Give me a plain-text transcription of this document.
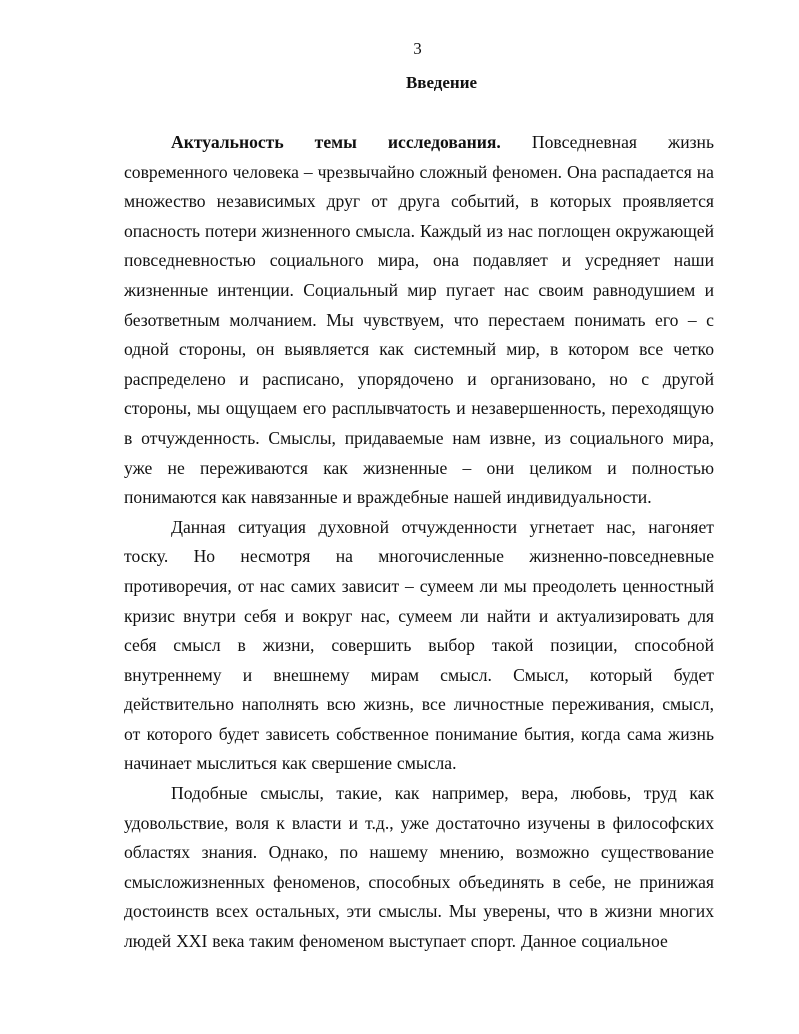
3
Введение

Актуальность темы исследования. Повседневная жизнь современного человека – чрезвычайно сложный феномен. Она распадается на множество независимых друг от друга событий, в которых проявляется опасность потери жизненного смысла. Каждый из нас поглощен окружающей повседневностью социального мира, она подавляет и усредняет наши жизненные интенции. Социальный мир пугает нас своим равнодушием и безответным молчанием. Мы чувствуем, что перестаем понимать его – с одной стороны, он выявляется как системный мир, в котором все четко распределено и расписано, упорядочено и организовано, но с другой стороны, мы ощущаем его расплывчатость и незавершенность, переходящую в отчужденность. Смыслы, придаваемые нам извне, из социального мира, уже не переживаются как жизненные – они целиком и полностью понимаются как навязанные и враждебные нашей индивидуальности.

Данная ситуация духовной отчужденности угнетает нас, нагоняет тоску. Но несмотря на многочисленные жизненно-повседневные противоречия, от нас самих зависит – сумеем ли мы преодолеть ценностный кризис внутри себя и вокруг нас, сумеем ли найти и актуализировать для себя смысл в жизни, совершить выбор такой позиции, способной внутреннему и внешнему мирам смысл. Смысл, который будет действительно наполнять всю жизнь, все личностные переживания, смысл, от которого будет зависеть собственное понимание бытия, когда сама жизнь начинает мыслиться как свершение смысла.

Подобные смыслы, такие, как например, вера, любовь, труд как удовольствие, воля к власти и т.д., уже достаточно изучены в философских областях знания. Однако, по нашему мнению, возможно существование смысложизненных феноменов, способных объединять в себе, не принижая достоинств всех остальных, эти смыслы. Мы уверены, что в жизни многих людей XXI века таким феноменом выступает спорт. Данное социальное
